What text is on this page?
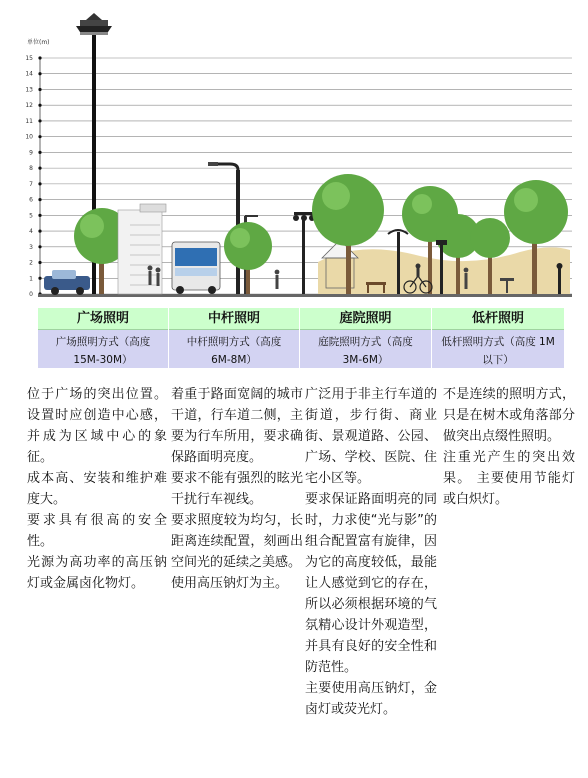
15
14
13
12
11
10
9
8
7
6
5
4
3
2
1
0
单位(m)
广场照明
广场照明方式（高度
15M-30M）
中杆照明
中杆照明方式（高度
6M-8M）
庭院照明
庭院照明方式（高度
3M-6M）
低杆照明
低杆照明方式（高度 1M
以下）

位于广场的突出位置。设置时应创造中心感，并成为区域中心的象征。

成本高、安装和维护难度大。

要求具有很高的安全性。

光源为高功率的高压钠灯或金属卤化物灯。

着重于路面宽阔的城市干道，行车道二侧，主要为行车所用，要求确保路面明亮度。

要求不能有强烈的眩光干扰行车视线。

要求照度较为均匀，长距离连续配置，刻画出空间光的延续之美感。

使用高压钠灯为主。

广泛用于非主行车道的街道，步行街、商业街、景观道路、公园、广场、学校、医院、住宅小区等。

要求保证路面明亮的同时，力求使“光与影”的组合配置富有旋律，因为它的高度较低，最能让人感觉到它的存在，所以必须根据环境的气氛精心设计外观造型，并具有良好的安全性和防范性。

主要使用高压钠灯，金卤灯或荧光灯。

不是连续的照明方式，只是在树木或角落部分做突出点缀性照明。

注重光产生的突出效果。 主要使用节能灯或白炽灯。
